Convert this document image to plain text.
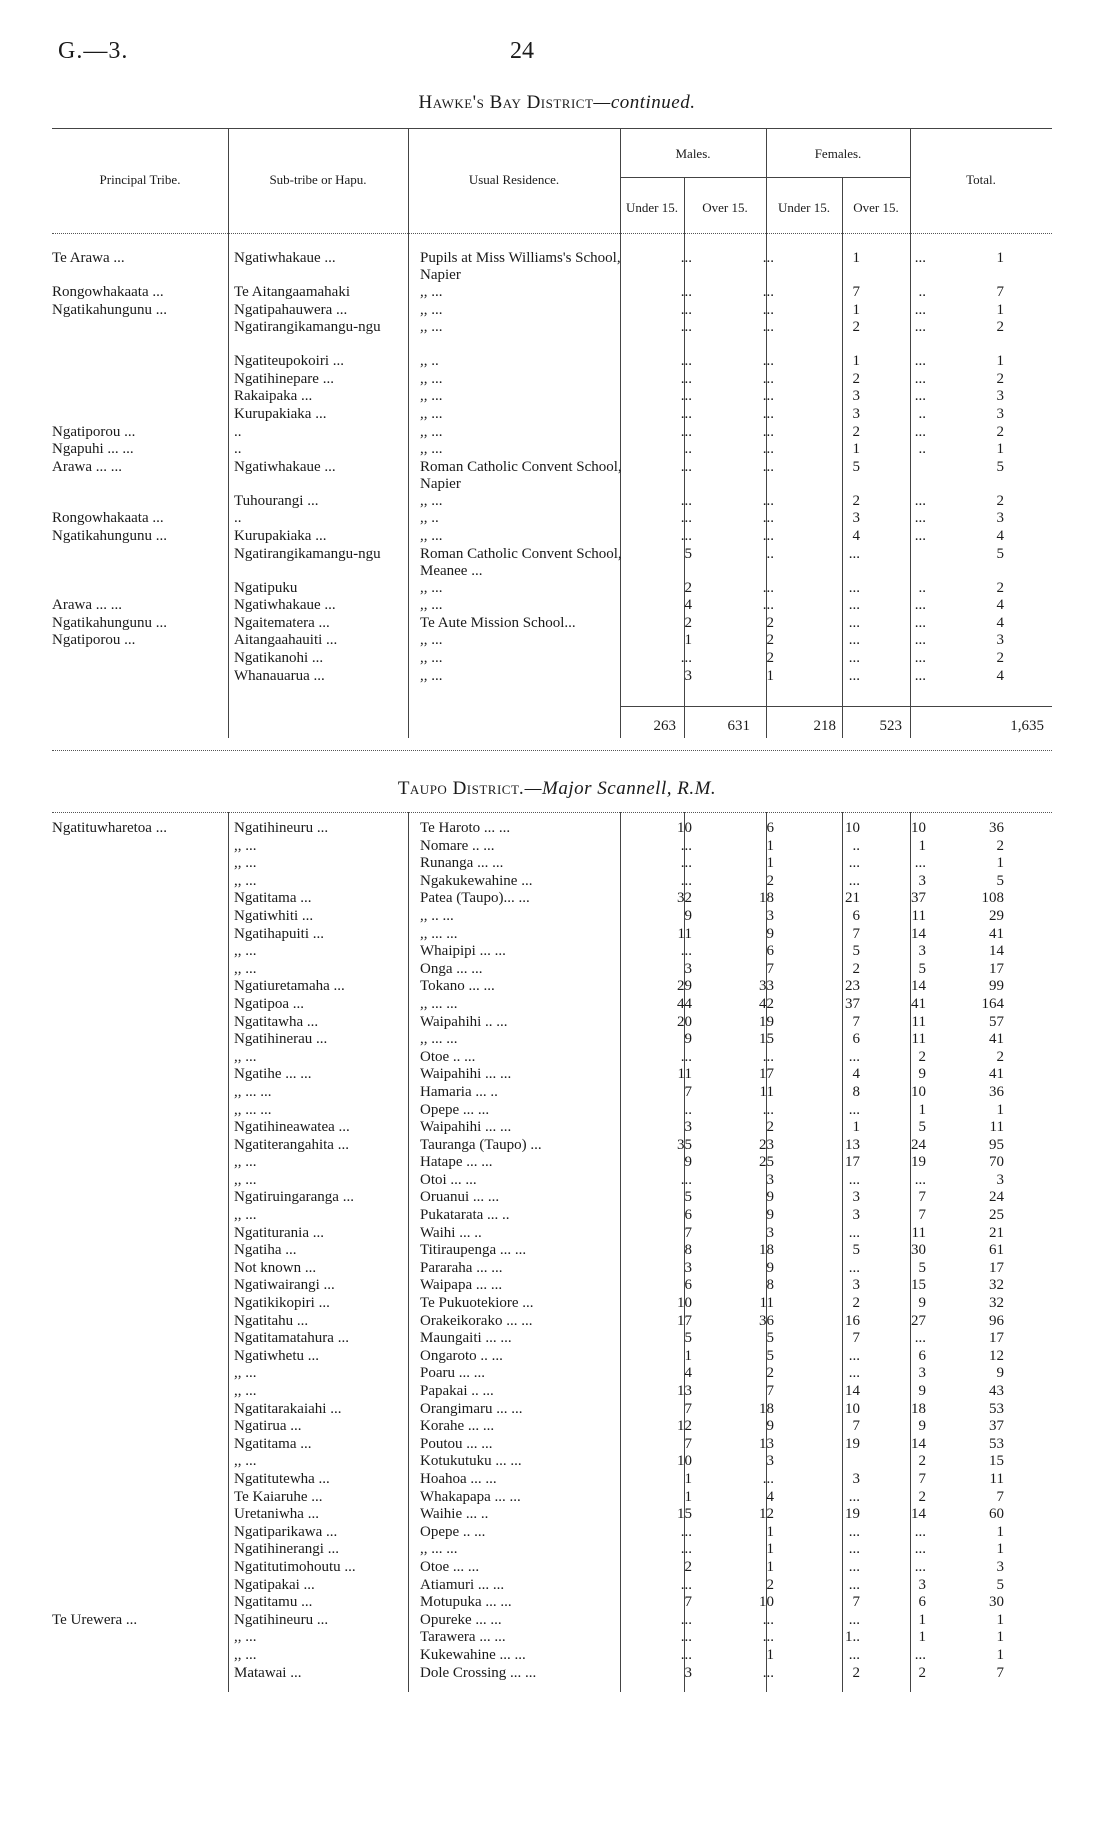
G.—3.	24
Hawke's Bay District—continued.
Principal Tribe.	Sub-tribe or Hapu.	Usual Residence.
Males.	Females.
Total.
Under 15.	Over 15.	Under 15.	Over 15.
Te Arawa ...	Ngatiwhakaue ...	Pupils at Miss Williams's School, Napier	...	...	1	...	1
Rongowhakaata ...	Te Aitangaamahaki	,, ...	...	...	7	..	7
Ngatikahungunu ...	Ngatipahauwera ...	,, ...	...	...	1	...	1
	Ngatirangikamangu-ngu	,, ...	...	...	2	...	2
	Ngatiteupokoiri ...	,, ..	...	...	1	...	1
	Ngatihinepare ...	,, ...	...	...	2	...	2
	Rakaipaka ...	,, ...	...	...	3	...	3
	Kurupakiaka ...	,, ...	...	...	3	..	3
Ngatiporou ...	..	,, ...	...	...	2	...	2
Ngapuhi ... ...	..	,, ...	..	...	1	..	1
Arawa ... ...	Ngatiwhakaue ...	Roman Catholic Convent School, Napier	...	...	5		5
	Tuhourangi ...	,, ...	...	...	2	...	2
Rongowhakaata ...	..	,, ..	...	...	3	...	3
Ngatikahungunu ...	Kurupakiaka ...	,, ...	...	...	4	...	4
	Ngatirangikamangu-ngu	Roman Catholic Convent School, Meanee ...	5	..	...		5
	Ngatipuku	,, ...	2	...	...	..	2
Arawa ... ...	Ngatiwhakaue ...	,, ...	4	...	...	...	4
Ngatikahungunu ...	Ngaitematera ...	Te Aute Mission School...	2	2	...	...	4
Ngatiporou ...	Aitangaahauiti ...	,, ...	1	2	...	...	3
	Ngatikanohi ...	,, ...	...	2	...	...	2
	Whanauarua ...	,, ...	3	1	...	...	4
263	631	218	523	1,635
Taupo District.—Major Scannell, R.M.
Ngatituwharetoa ...	Ngatihineuru ...	Te Haroto ... ...	10	6	10	10	36
	,, ...	Nomare .. ...	...	1	..	1	2
	,, ...	Runanga ... ...	...	1	...	...	1
	,, ...	Ngakukewahine ...	...	2	...	3	5
	Ngatitama ...	Patea (Taupo)... ...	32	18	21	37	108
	Ngatiwhiti ...	,, .. ...	9	3	6	11	29
	Ngatihapuiti ...	,, ... ...	11	9	7	14	41
	,, ...	Whaipipi ... ...	...	6	5	3	14
	,, ...	Onga ... ...	3	7	2	5	17
	Ngatiuretamaha ...	Tokano ... ...	29	33	23	14	99
	Ngatipoa ...	,, ... ...	44	42	37	41	164
	Ngatitawha ...	Waipahihi .. ...	20	19	7	11	57
	Ngatihinerau ...	,, ... ...	9	15	6	11	41
	,, ...	Otoe .. ...	...	...	...	2	2
	Ngatihe ... ...	Waipahihi ... ...	11	17	4	9	41
	,, ... ...	Hamaria ... ..	7	11	8	10	36
	,, ... ...	Opepe ... ...	..	...	...	1	1
	Ngatihineawatea ...	Waipahihi ... ...	3	2	1	5	11
	Ngatiterangahita ...	Tauranga (Taupo) ...	35	23	13	24	95
	,, ...	Hatape ... ...	9	25	17	19	70
	,, ...	Otoi ... ...	...	3	...	...	3
	Ngatiruingaranga ...	Oruanui ... ...	5	9	3	7	24
	,, ...	Pukatarata ... ..	6	9	3	7	25
	Ngatiturania ...	Waihi ... ..	7	3	...	11	21
	Ngatiha ...	Titiraupenga ... ...	8	18	5	30	61
	Not known ...	Pararaha ... ...	3	9	...	5	17
	Ngatiwairangi ...	Waipapa ... ...	6	8	3	15	32
	Ngatikikopiri ...	Te Pukuotekiore ...	10	11	2	9	32
	Ngatitahu ...	Orakeikorako ... ...	17	36	16	27	96
	Ngatitamatahura ...	Maungaiti ... ...	5	5	7	...	17
	Ngatiwhetu ...	Ongaroto .. ...	1	5	...	6	12
	,, ...	Poaru ... ...	4	2	...	3	9
	,, ...	Papakai .. ...	13	7	14	9	43
	Ngatitarakaiahi ...	Orangimaru ... ...	7	18	10	18	53
	Ngatirua ...	Korahe ... ...	12	9	7	9	37
	Ngatitama ...	Poutou ... ...	7	13	19	14	53
	,, ...	Kotukutuku ... ...	10	3		2	15
	Ngatitutewha ...	Hoahoa ... ...	1	...	3	7	11
	Te Kaiaruhe ...	Whakapapa ... ...	1	4	...	2	7
	Uretaniwha ...	Waihie ... ..	15	12	19	14	60
	Ngatiparikawa ...	Opepe .. ...	...	1	...	...	1
	Ngatihinerangi ...	,, ... ...	...	1	...	...	1
	Ngatitutimohoutu ...	Otoe ... ...	2	1	...	...	3
	Ngatipakai ...	Atiamuri ... ...	...	2	...	3	5
	Ngatitamu ...	Motupuka ... ...	7	10	7	6	30
Te Urewera ...	Ngatihineuru ...	Opureke ... ...	...	...	...	1	1
	,, ...	Tarawera ... ...	...	...	1..	1	1
	,, ...	Kukewahine ... ...	...	1	...	...	1
	Matawai ...	Dole Crossing ... ...	3	...	2	2	7
